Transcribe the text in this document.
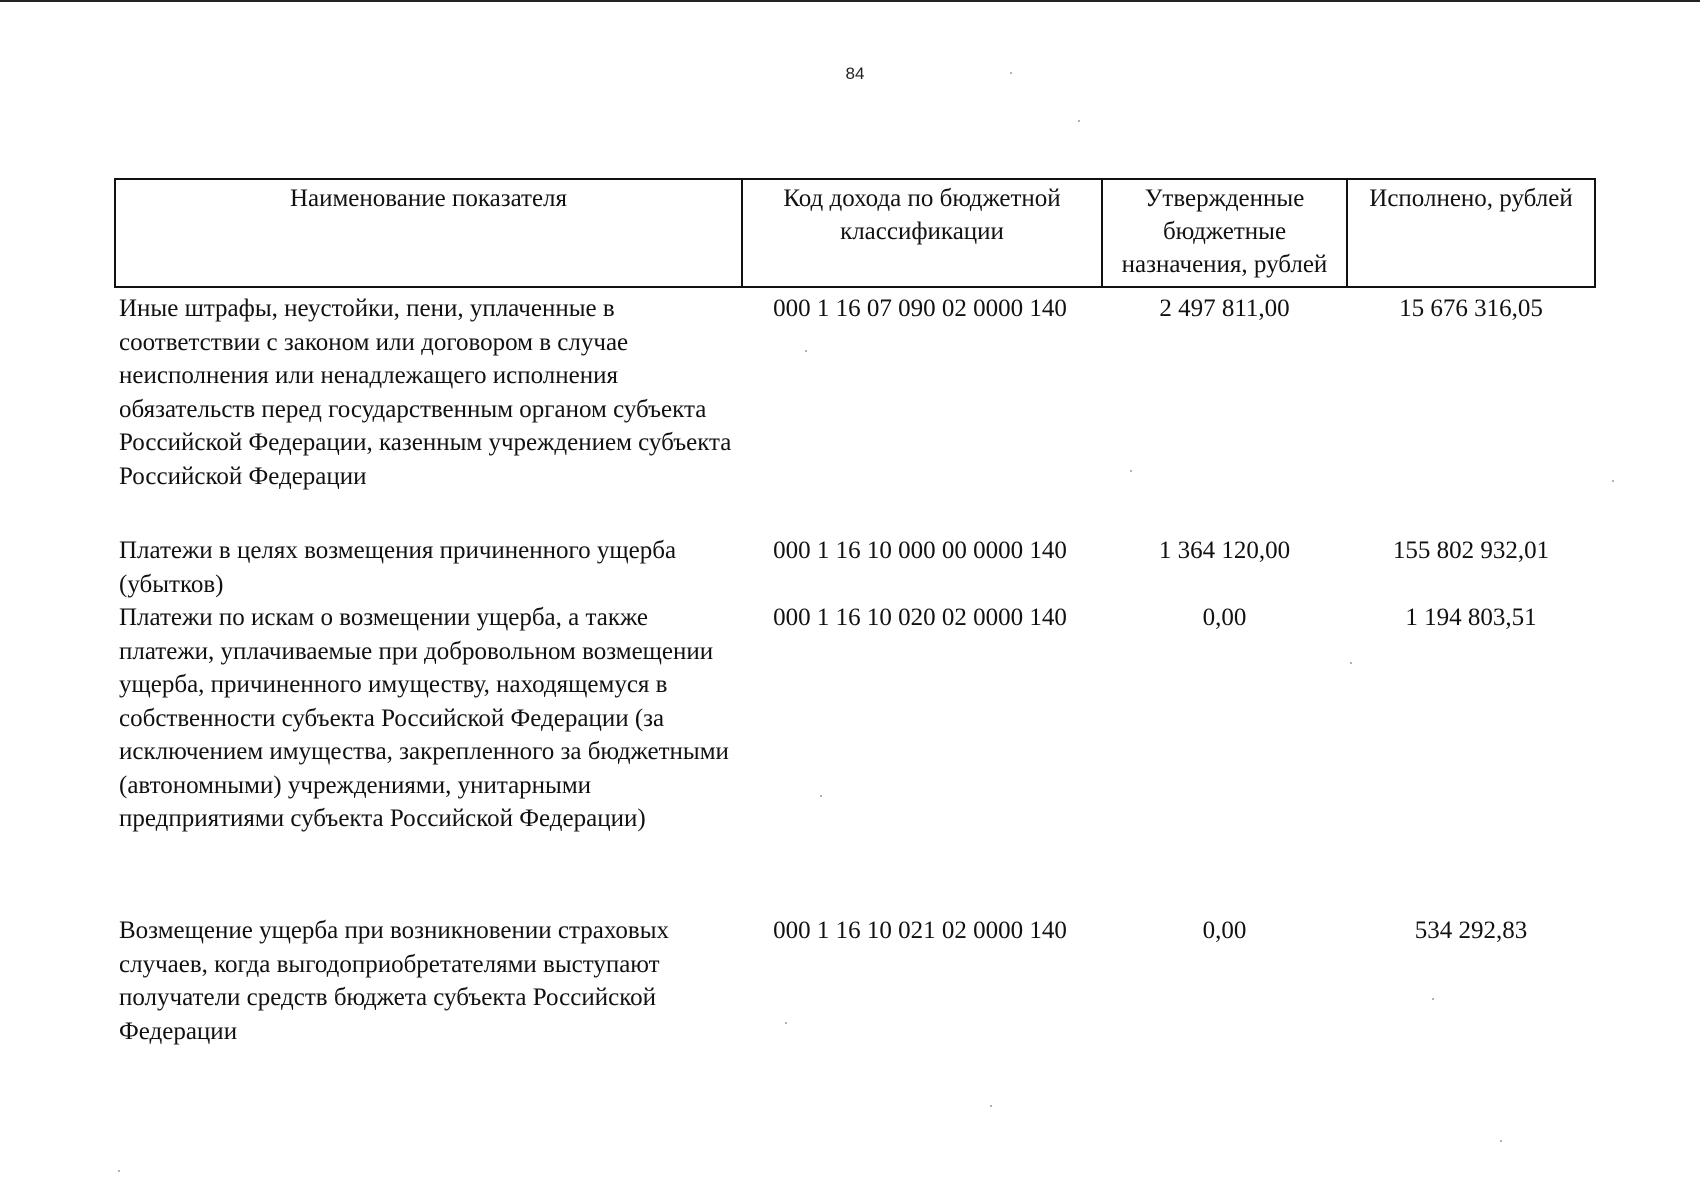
84
Наименование показателя	Код дохода по бюджетной классификации	Утвержденные бюджетные назначения, рублей	Исполнено, рублей
Иные штрафы, неустойки, пени, уплаченные в соответствии с законом или договором в случае неисполнения или ненадлежащего исполнения обязательств перед государственным органом субъекта Российской Федерации, казенным учреждением субъекта Российской Федерации	000 1 16 07 090 02 0000 140	2 497 811,00	15 676 316,05
Платежи в целях возмещения причиненного ущерба (убытков)	000 1 16 10 000 00 0000 140	1 364 120,00	155 802 932,01
Платежи по искам о возмещении ущерба, а также платежи, уплачиваемые при добровольном возмещении ущерба, причиненного имуществу, находящемуся в собственности субъекта Российской Федерации (за исключением имущества, закрепленного за бюджетными (автономными) учреждениями, унитарными предприятиями субъекта Российской Федерации)	000 1 16 10 020 02 0000 140	0,00	1 194 803,51
Возмещение ущерба при возникновении страховых случаев, когда выгодоприобретателями выступают получатели средств бюджета субъекта Российской Федерации	000 1 16 10 021 02 0000 140	0,00	534 292,83
